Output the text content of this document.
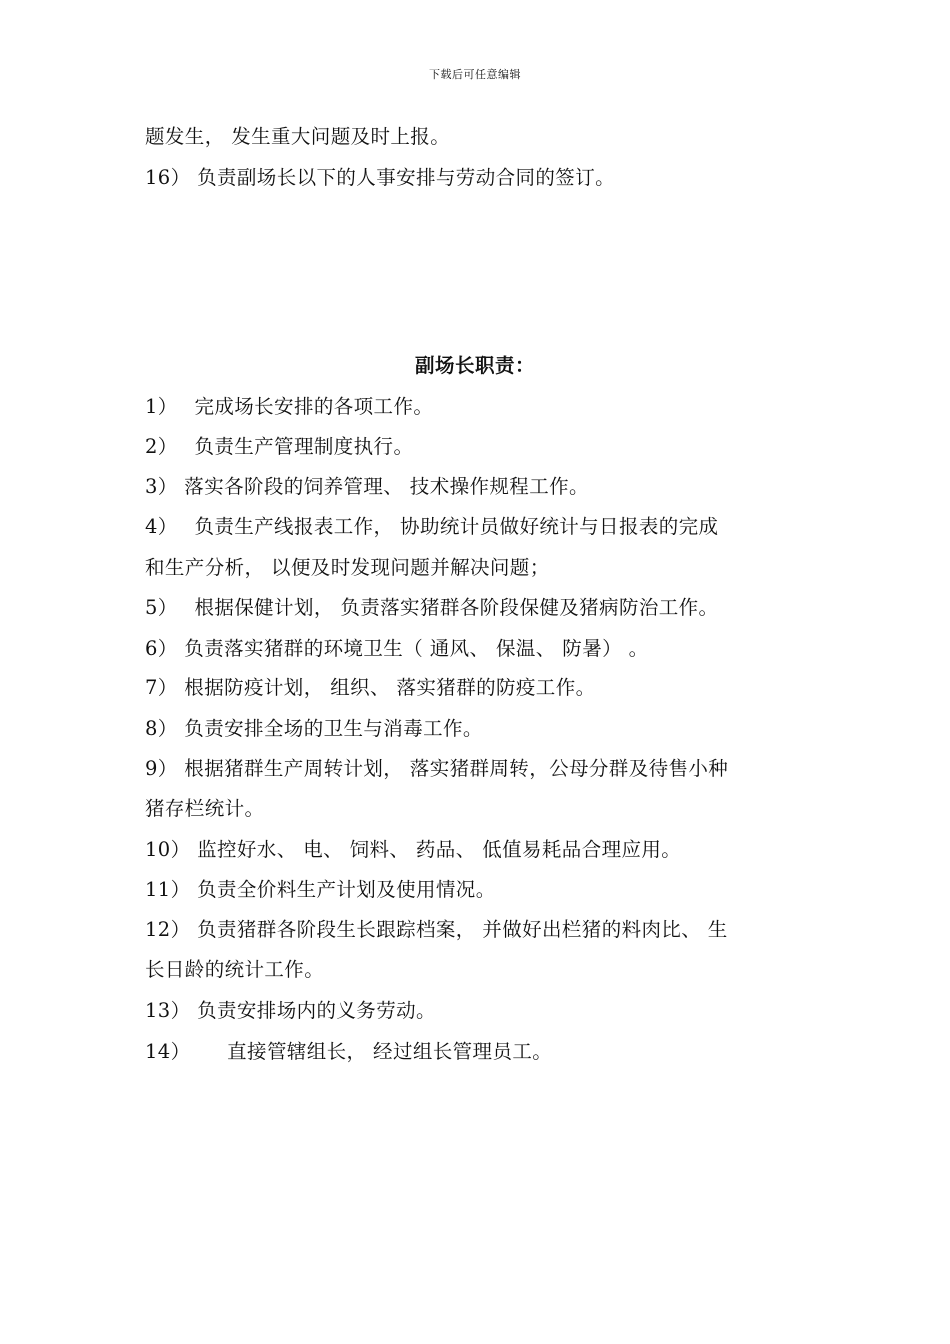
下载后可任意编辑
题发生， 发生重大问题及时上报。
16） 负责副场长以下的人事安排与劳动合同的签订。
副场长职责：
1）　 完成场长安排的各项工作。
2）　 负责生产管理制度执行。
3） 落实各阶段的饲养管理、 技术操作规程工作。
4）　 负责生产线报表工作， 协助统计员做好统计与日报表的完成
和生产分析， 以便及时发现问题并解决问题；
5）　 根据保健计划， 负责落实猪群各阶段保健及猪病防治工作。
6） 负责落实猪群的环境卫生（ 通风、 保温、 防暑） 。
7） 根据防疫计划， 组织、 落实猪群的防疫工作。
8） 负责安排全场的卫生与消毒工作。
9） 根据猪群生产周转计划， 落实猪群周转，公母分群及待售小种
猪存栏统计。
10） 监控好水、 电、 饲料、 药品、 低值易耗品合理应用。
11） 负责全价料生产计划及使用情况。
12） 负责猪群各阶段生长跟踪档案， 并做好出栏猪的料肉比、 生
长日龄的统计工作。
13） 负责安排场内的义务劳动。
14）　　 直接管辖组长， 经过组长管理员工。
